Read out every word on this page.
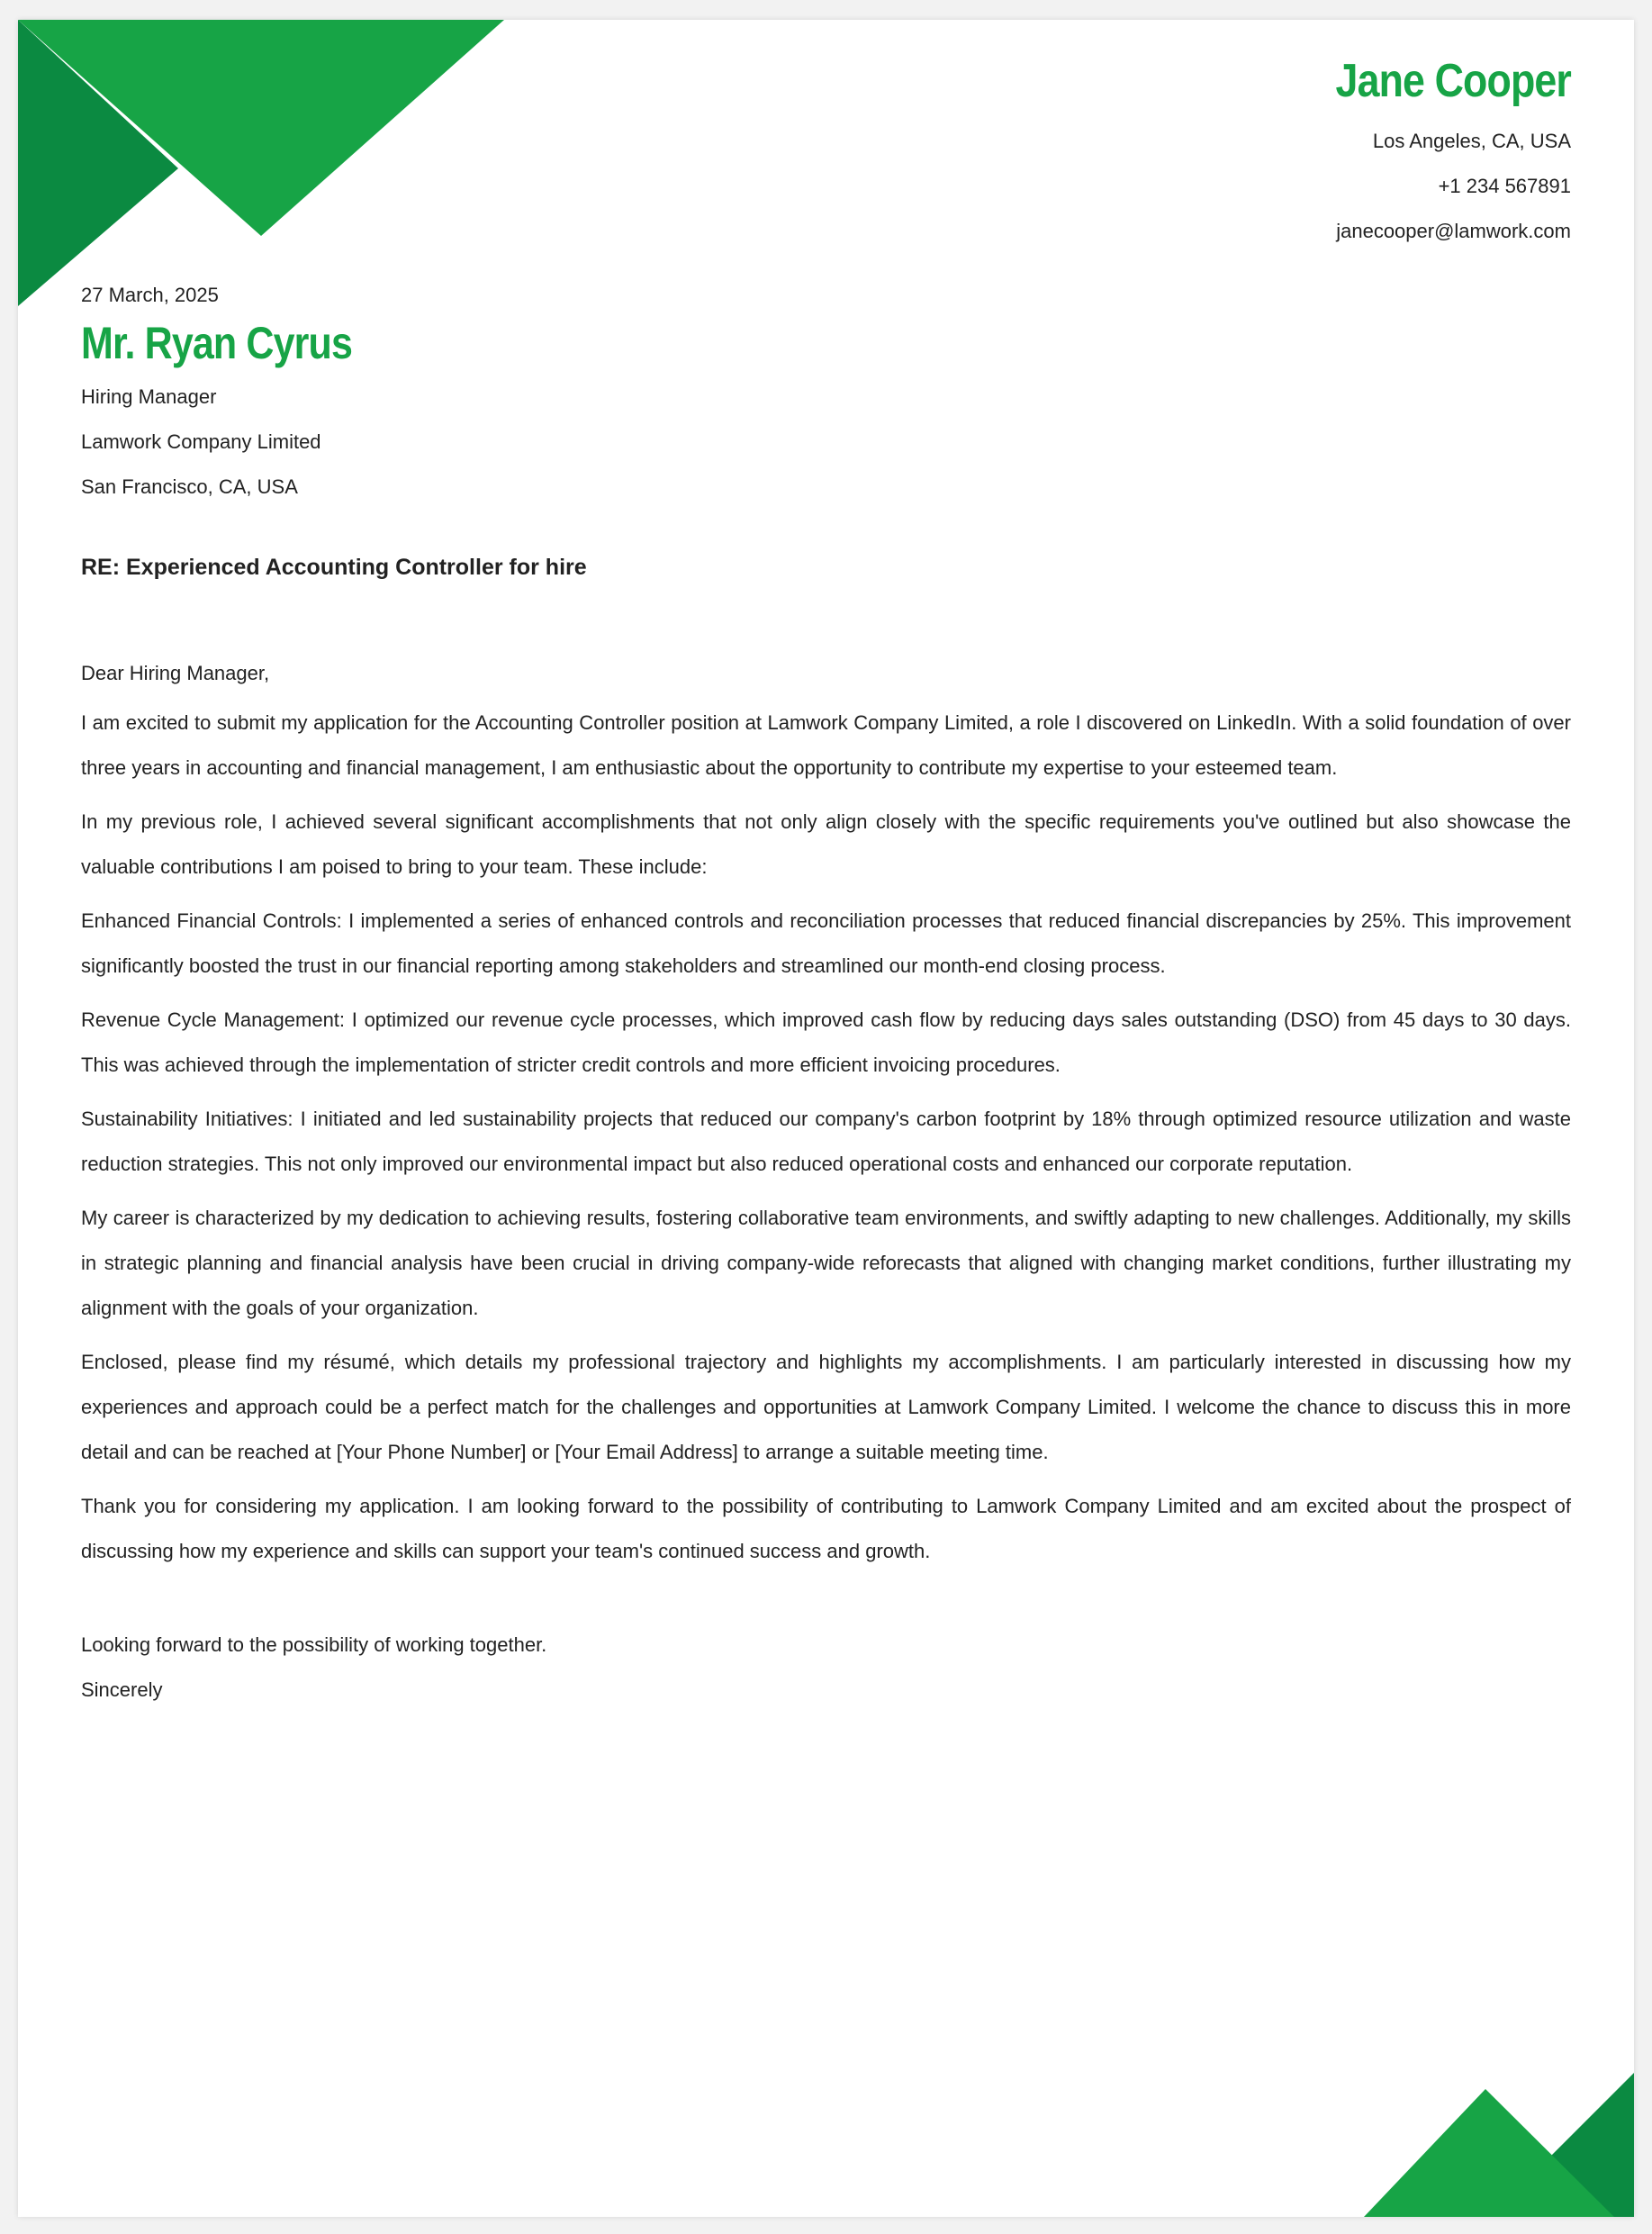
Jane Cooper
Los Angeles, CA, USA
+1 234 567891
janecooper@lamwork.com
27 March, 2025
Mr. Ryan Cyrus
Hiring Manager
Lamwork Company Limited
San Francisco, CA, USA
RE: Experienced Accounting Controller for hire
Dear Hiring Manager,

I am excited to submit my application for the Accounting Controller position at Lamwork Company Limited, a role I discovered on LinkedIn. With a solid foundation of over three years in accounting and financial management, I am enthusiastic about the opportunity to contribute my expertise to your esteemed team.

In my previous role, I achieved several significant accomplishments that not only align closely with the specific requirements you've outlined but also showcase the valuable contributions I am poised to bring to your team. These include:

Enhanced Financial Controls: I implemented a series of enhanced controls and reconciliation processes that reduced financial discrepancies by 25%. This improvement significantly boosted the trust in our financial reporting among stakeholders and streamlined our month-end closing process.

Revenue Cycle Management: I optimized our revenue cycle processes, which improved cash flow by reducing days sales outstanding (DSO) from 45 days to 30 days. This was achieved through the implementation of stricter credit controls and more efficient invoicing procedures.

Sustainability Initiatives: I initiated and led sustainability projects that reduced our company's carbon footprint by 18% through optimized resource utilization and waste reduction strategies. This not only improved our environmental impact but also reduced operational costs and enhanced our corporate reputation.

My career is characterized by my dedication to achieving results, fostering collaborative team environments, and swiftly adapting to new challenges. Additionally, my skills in strategic planning and financial analysis have been crucial in driving company-wide reforecasts that aligned with changing market conditions, further illustrating my alignment with the goals of your organization.

Enclosed, please find my résumé, which details my professional trajectory and highlights my accomplishments. I am particularly interested in discussing how my experiences and approach could be a perfect match for the challenges and opportunities at Lamwork Company Limited. I welcome the chance to discuss this in more detail and can be reached at [Your Phone Number] or [Your Email Address] to arrange a suitable meeting time.

Thank you for considering my application. I am looking forward to the possibility of contributing to Lamwork Company Limited and am excited about the prospect of discussing how my experience and skills can support your team's continued success and growth.

Looking forward to the possibility of working together.
Sincerely
